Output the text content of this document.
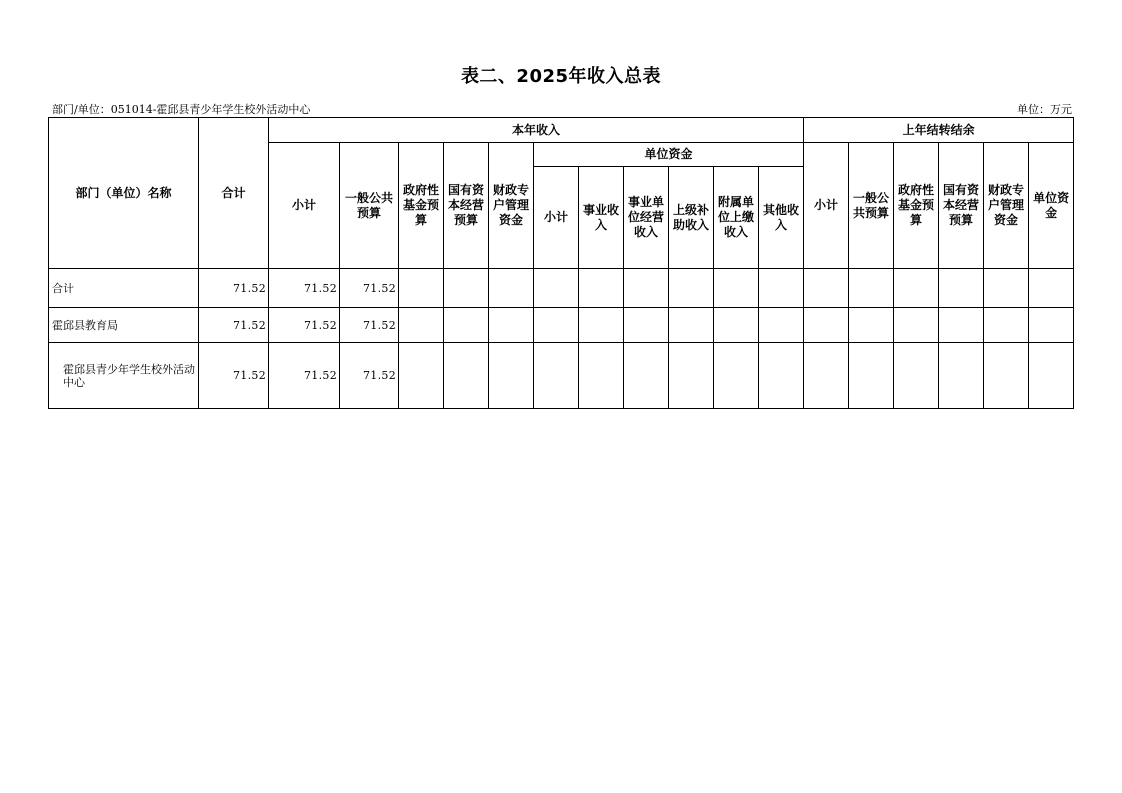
表二、2025年收入总表
部门/单位：051014-霍邱县青少年学生校外活动中心	单位：万元
部门（单位）名称	合计	本年收入											上年结转结余					
		小计	一般公共预算	政府性基金预算	国有资本经营预算	财政专户管理资金	单位资金						小计	一般公共预算	政府性基金预算	国有资本经营预算	财政专户管理资金	单位资金

							小计	事业收入	事业单位经营收入	上级补助收入	附属单位上缴收入	其他收入						

合计	71.52	71.52	71.52															
霍邱县教育局	71.52	71.52	71.52															
霍邱县青少年学生校外活动中心	71.52	71.52	71.52															
